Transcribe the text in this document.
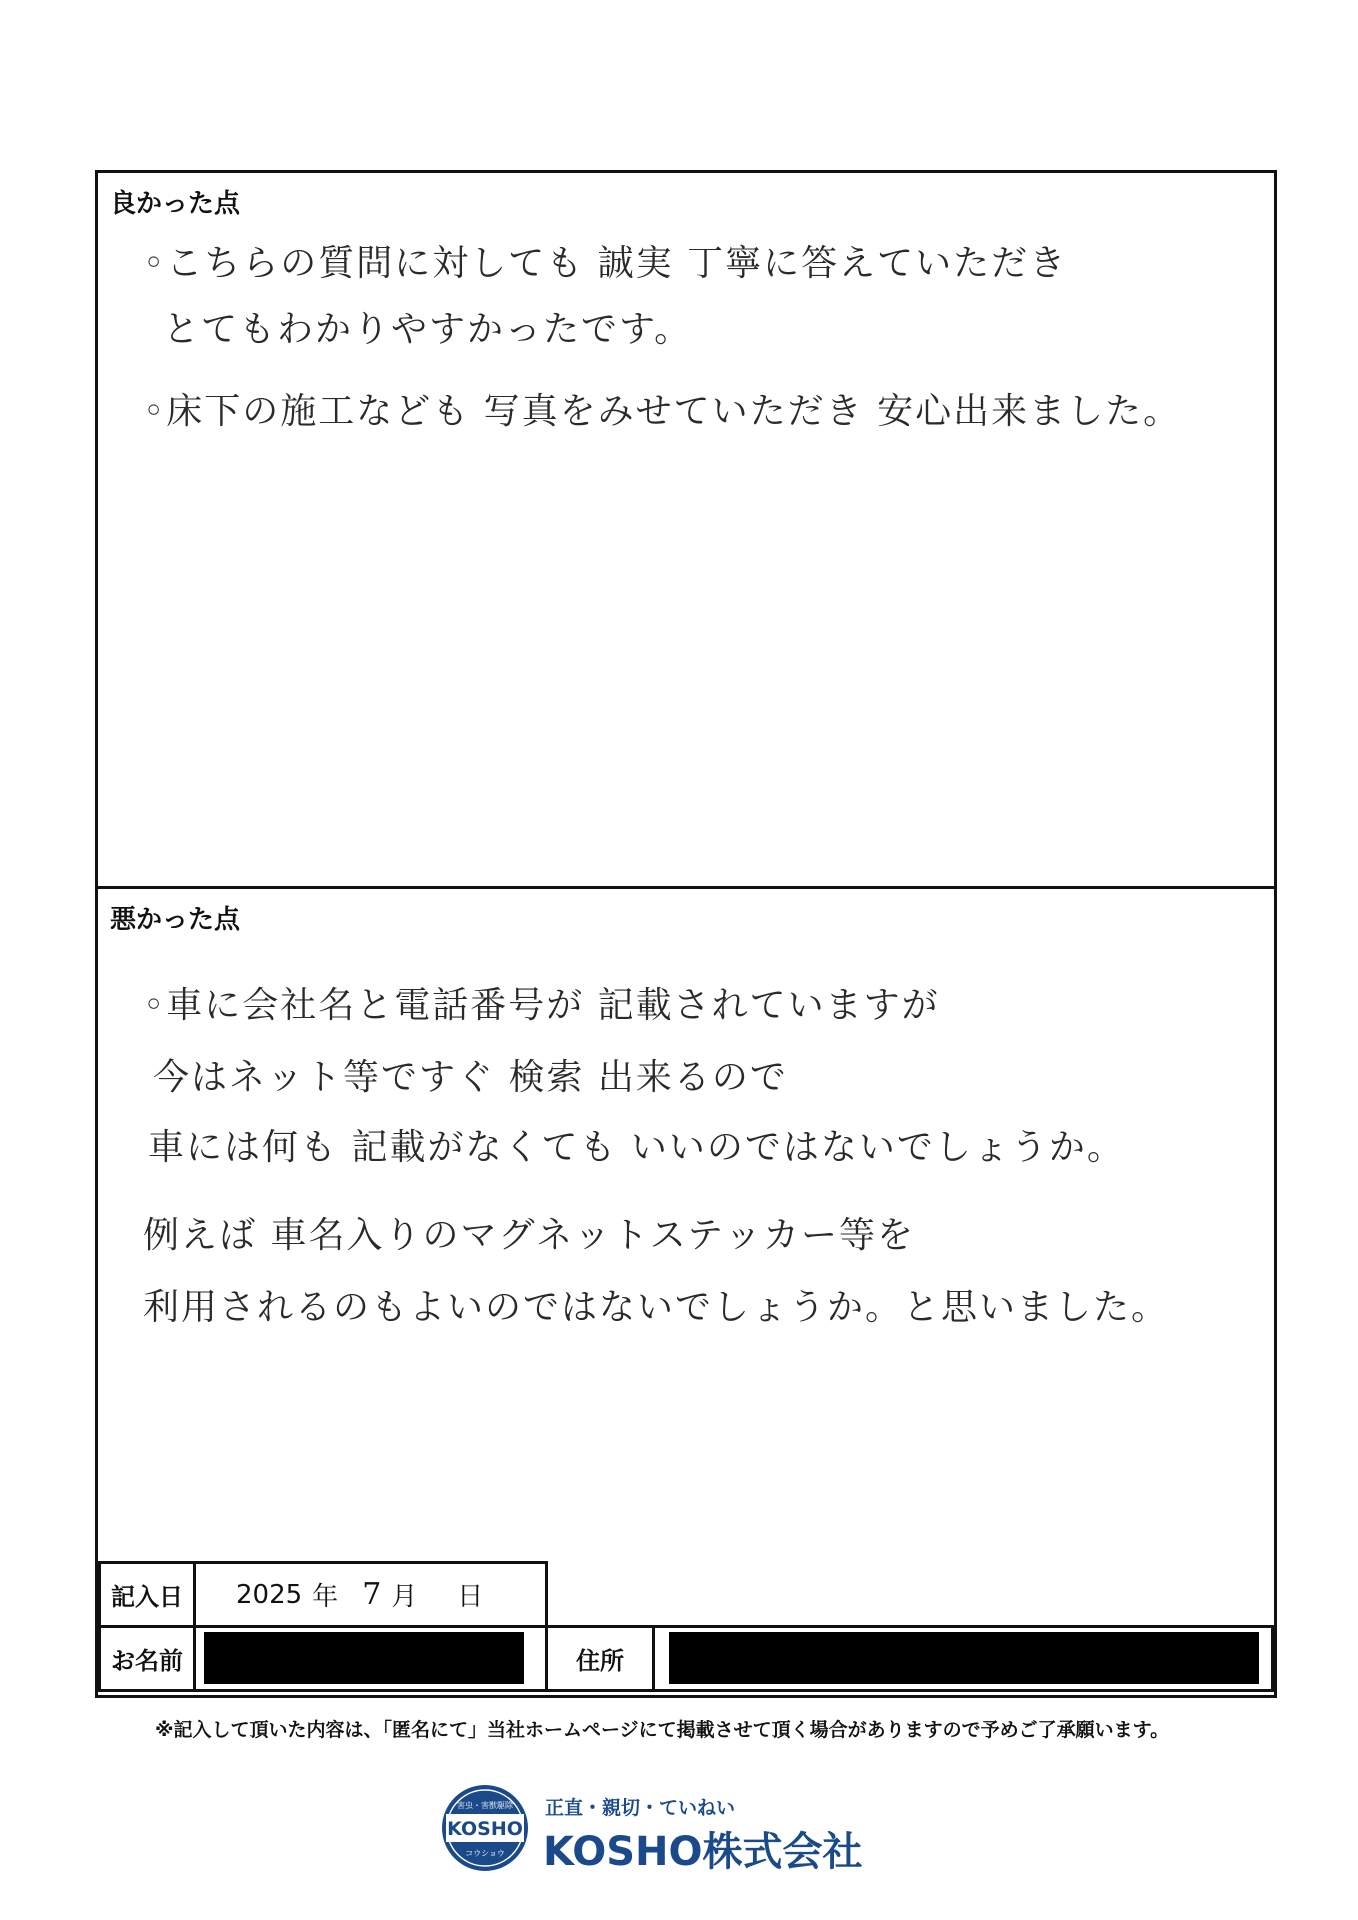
良かった点
◦こちらの質問に対しても 誠実 丁寧に答えていただき
とてもわかりやすかったです。
◦床下の施工なども 写真をみせていただき 安心出来ました。
悪かった点
◦車に会社名と電話番号が 記載されていますが
今はネット等ですぐ 検索 出来るので
車には何も 記載がなくても いいのではないでしょうか。
例えば 車名入りのマグネットステッカー等を
利用されるのもよいのではないでしょうか。と思いました。
記入日 2025 年 7 月 日
お名前	住所
※記入して頂いた内容は、「匿名にて」当社ホームページにて掲載させて頂く場合がありますので予めご了承願います。
害虫・害獣駆除
KOSHO
コウショウ
正直・親切・ていねい
KOSHO株式会社
